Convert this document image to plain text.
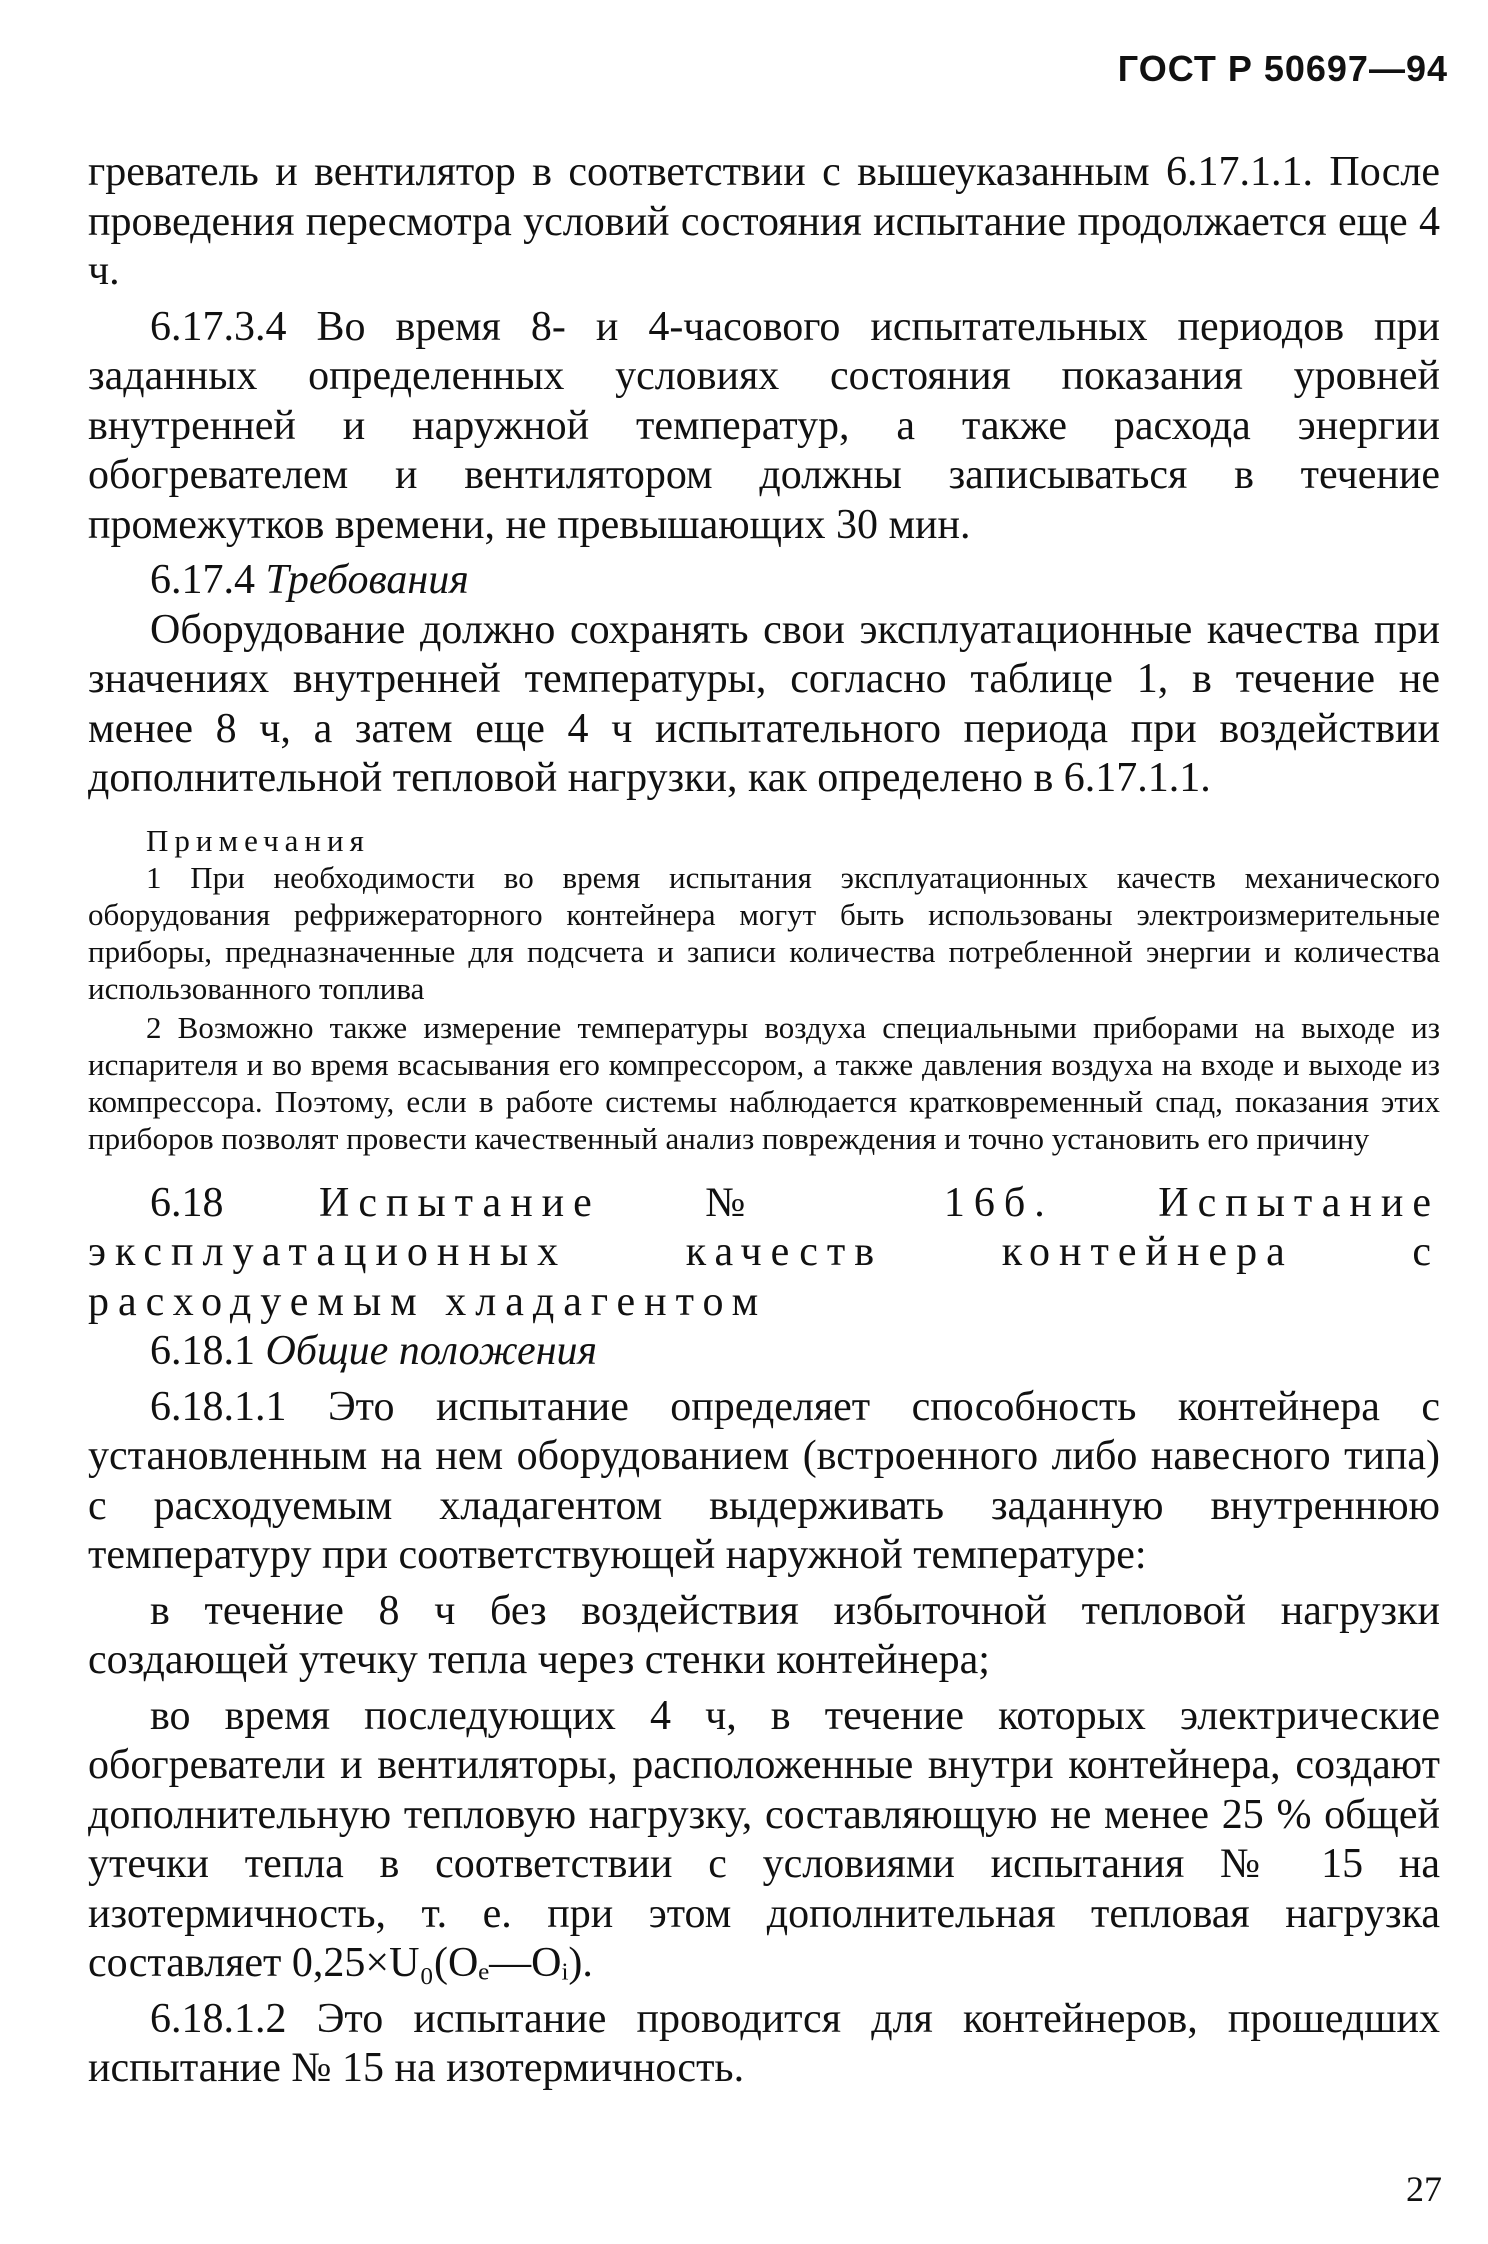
ГОСТ Р 50697—94

греватель и вентилятор в соответствии с вышеуказанным 6.17.1.1. После проведения пересмотра условий состояния испытание продолжается еще 4 ч.

6.17.3.4 Во время 8- и 4-часового испытательных периодов при заданных определенных условиях состояния показания уровней внутренней и наружной температур, а также расхода энергии обогревателем и вентилятором должны записываться в течение промежутков времени, не превышающих 30 мин.

6.17.4 Требования

Оборудование должно сохранять свои эксплуатационные качества при значениях внутренней температуры, согласно таблице 1, в течение не менее 8 ч, а затем еще 4 ч испытательного периода при воздействии дополнительной тепловой нагрузки, как определено в 6.17.1.1.

Примечания

1 При необходимости во время испытания эксплуатационных качеств механического оборудования рефрижераторного контейнера могут быть использованы электроизмерительные приборы, предназначенные для подсчета и записи количества потребленной энергии и количества использованного топлива

2 Возможно также измерение температуры воздуха специальными приборами на выходе из испарителя и во время всасывания его компрессором, а также давления воздуха на входе и выходе из компрессора. Поэтому, если в работе системы наблюдается кратковременный спад, показания этих приборов позволят провести качественный анализ повреждения и точно установить его причину

6.18 Испытание № 16б. Испытание эксплуатационных качеств контейнера с расходуемым хладагентом

6.18.1 Общие положения

6.18.1.1 Это испытание определяет способность контейнера с установленным на нем оборудованием (встроенного либо навесного типа) с расходуемым хладагентом выдерживать заданную внутреннюю температуру при соответствующей наружной температуре:

в течение 8 ч без воздействия избыточной тепловой нагрузки создающей утечку тепла через стенки контейнера;

во время последующих 4 ч, в течение которых электрические обогреватели и вентиляторы, расположенные внутри контейнера, создают дополнительную тепловую нагрузку, составляющую не менее 25 % общей утечки тепла в соответствии с условиями испытания № 15 на изотермичность, т. е. при этом дополнительная тепловая нагрузка составляет 0,25×U₀(Oₑ—Oᵢ).

6.18.1.2 Это испытание проводится для контейнеров, прошедших испытание № 15 на изотермичность.

27
